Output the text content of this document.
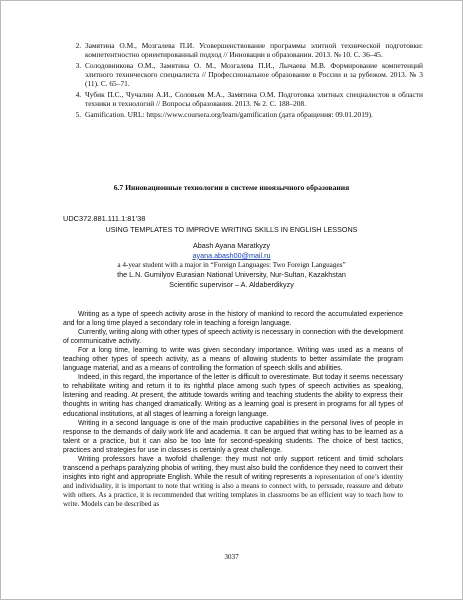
2. Замятина О.М., Мозгалева П.И. Усовершенствование программы элитной технической подготовки: компетентностно ориентированный подход // Инновации в образовании. 2013. № 10. С. 36–45.
3. Солодовникова О.М., Замятина О. М., Мозгалева П.И., Лычаева М.В. Формирование компетенций элитного технического специалиста // Профессиональное образование в России и за рубежом. 2013. № 3 (11). С. 65–71.
4. Чубик П.С., Чучалин А.И., Соловьев М.А., Замятина О.М. Подготовка элитных специалистов в области техники и технологий // Вопросы образования. 2013. № 2. С. 188–208.
5. Gamification. URL: https://www.coursera.org/learn/gamification (дата обращения: 09.01.2019).
6.7 Инновационные технологии в системе иноязычного образования
UDC372.881.111.1:81’38
USING TEMPLATES TO IMPROVE WRITING SKILLS IN ENGLISH LESSONS
Abash Ayana Maratkyzy
ayana.abash00@mail.ru
a 4-year student with a major in “Foreign Languages: Two Foreign Languages”
the L.N. Gumilyov Eurasian National University, Nur-Sultan, Kazakhstan
Scientific supervisor – A. Aldaberdikyzy

Writing as a type of speech activity arose in the history of mankind to record the accumulated experience and for a long time played a secondary role in teaching a foreign language.

Currently, writing along with other types of speech activity is necessary in connection with the development of communicative activity.

For a long time, learning to write was given secondary importance. Writing was used as a means of teaching other types of speech activity, as a means of allowing students to better assimilate the program language material, and as a means of controlling the formation of speech skills and abilities.

Indeed, in this regard, the importance of the letter is difficult to overestimate. But today it seems necessary to rehabilitate writing and return it to its rightful place among such types of speech activities as speaking, listening and reading. At present, the attitude towards writing and teaching students the ability to express their thoughts in writing has changed dramatically. Writing as a learning goal is present in programs for all types of educational institutions, at all stages of learning a foreign language.

Writing in a second language is one of the main productive capabilities in the personal lives of people in response to the demands of daily work life and academia. It can be argued that writing has to be learned as a talent or a practice, but it can also be too late for second-speaking students. The choice of best tactics, practices and strategies for use in classes is certainly a great challenge.

Writing professors have a twofold challenge: they must not only support reticent and timid scholars transcend a perhaps paralyzing phobia of writing, they must also build the confidence they need to convert their insights into right and appropriate English. While the result of writing represents a representation of one’s identity and individuality, it is important to note that writing is also a means to connect with, to persuade, reassure and debate with others. As a practice, it is recommended that writing templates in classrooms be an efficient way to teach how to write. Models can be described as

3037
